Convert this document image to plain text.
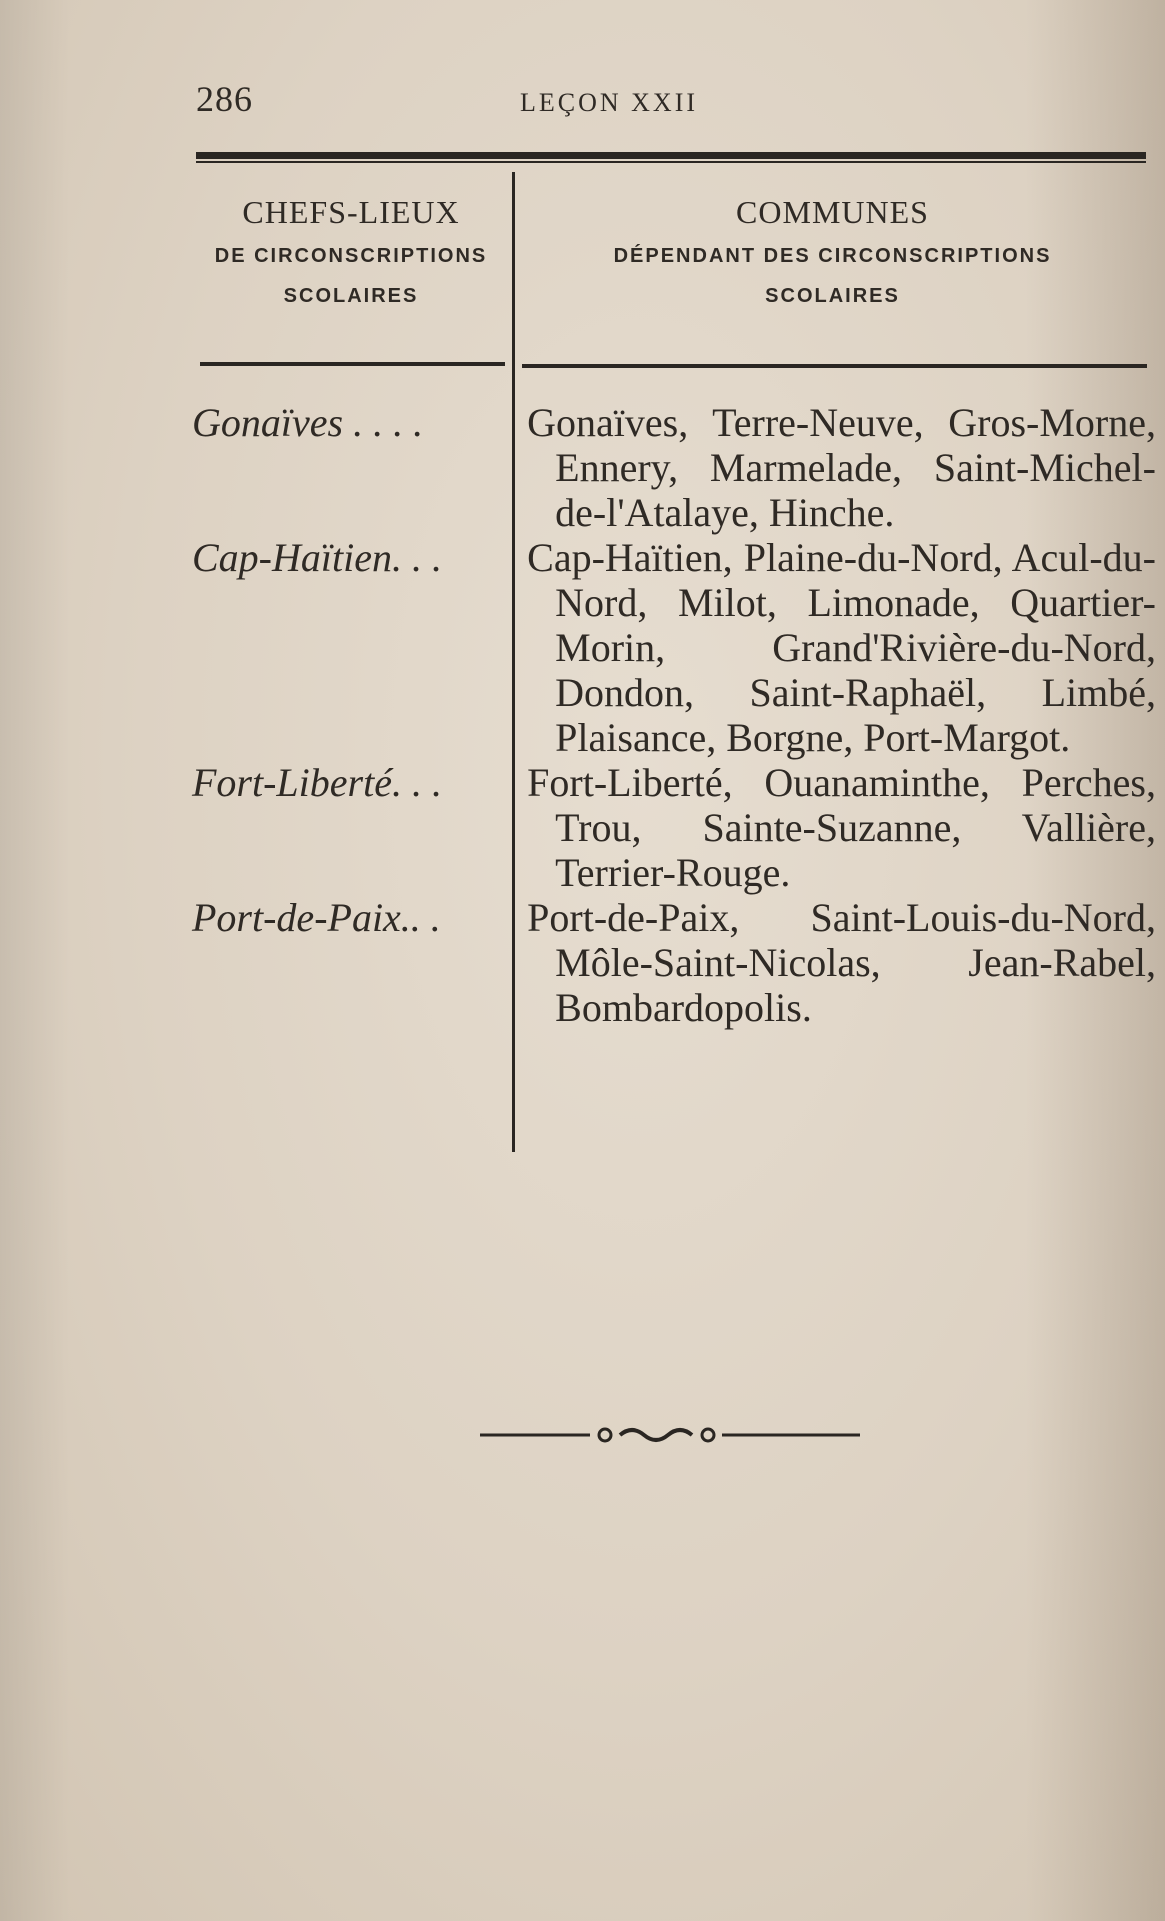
286	LEÇON XXII
CHEFS-LIEUX
DE CIRCONSCRIPTIONS
SCOLAIRES
COMMUNES
DÉPENDANT DES CIRCONSCRIPTIONS
SCOLAIRES
Gonaïves . . . .	Gonaïves, Terre-Neuve, Gros-Morne, Ennery, Marmelade, Saint-Michel-de-l'Atalaye, Hinche.
Cap-Haïtien. . .	Cap-Haïtien, Plaine-du-Nord, Acul-du-Nord, Milot, Limonade, Quartier-Morin, Grand'Rivière-du-Nord, Dondon, Saint-Raphaël, Limbé, Plaisance, Borgne, Port-Margot.
Fort-Liberté. . .	Fort-Liberté, Ouanaminthe, Perches, Trou, Sainte-Suzanne, Vallière, Terrier-Rouge.
Port-de-Paix.. .	Port-de-Paix, Saint-Louis-du-Nord, Môle-Saint-Nicolas, Jean-Rabel, Bombardopolis.
